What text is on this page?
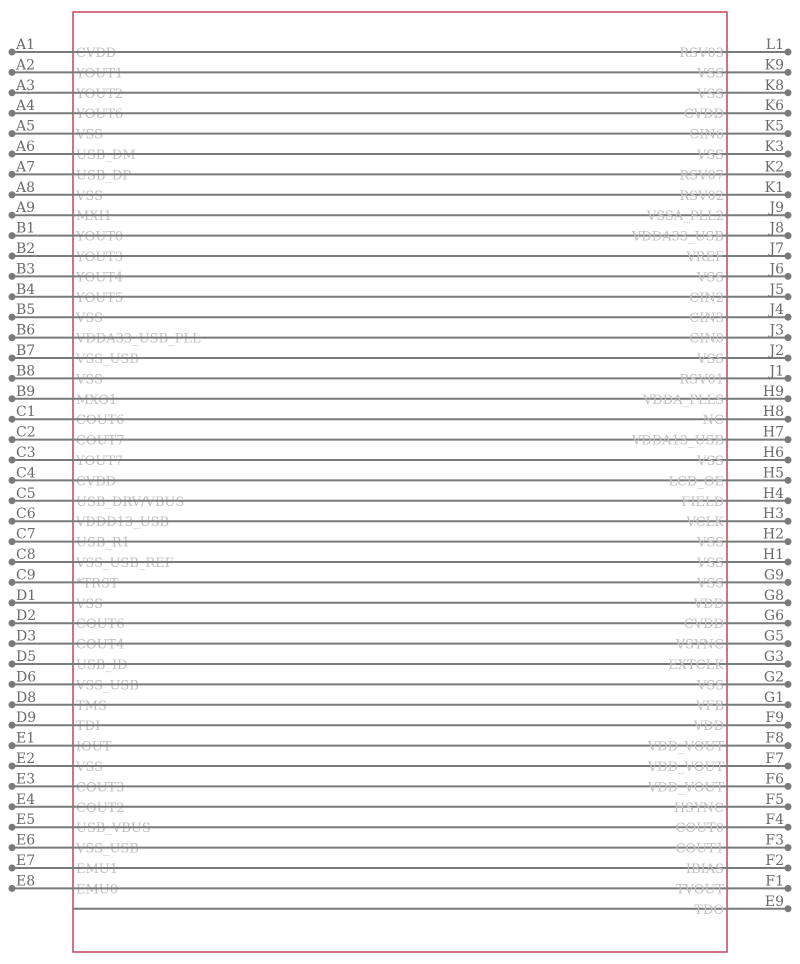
A1
CVDD
A2
YOUT1
A3
YOUT2
A4
YOUT6
A5
VSS
A6
USB_DM
A7
USB_DP
A8
VSS
A9
MXI1
B1
YOUT0
B2
YOUT3
B3
YOUT4
B4
YOUT5
B5
VSS
B6
VDDA33_USB_PLL
B7
VSS_USB
B8
VSS
B9
MXO1
C1
COUT6
C2
COUT7
C3
YOUT7
C4
CVDD
C5
USB_DRV/VBUS
C6
VDDD13_USB
C7
USB_R1
C8
VSS_USB_REF
C9
*TRST
D1
VSS
D2
COUT6
D3
COUT4
D5
USB_ID
D6
VSS_USB
D8
TMS
D9
TDI
E1
IOUT
E2
VSS
E3
COUT3
E4
COUT2
E5
USB_VBUS
E6
VSS_USB
E7
EMU1
E8
EMU0
L1
RSV03
K9
VSS
K8
VSS
K6
CVDD
K5
CIN6
K3
VSS
K2
RSV07
K1
RSV02
J9
VSSA_PLL2
J8
VDDA33_USB
J7
VREF
J6
VSS
J5
CIN2
J4
CIN3
J3
CIN0
J2
VSS
J1
RSV01
H9
VDDA_PLLS
H8
NC
H7
VDDA13_USB
H6
VSS
H5
LCD_OE
H4
FIELD
H3
VCLK
H2
VSS
H1
VSS
G9
VSS
G8
VDD
G6
CVDD
G5
VSYNC
G3
EXTCLK
G2
VSS
G1
VFB
F9
VDD
F8
VDD_VOUT
F7
VDD_VOUT
F6
VDD_VOUT
F5
HSYNC
F4
COUT0
F3
COUT1
F2
IBIAS
F1
TVOUT
E9
TDO
